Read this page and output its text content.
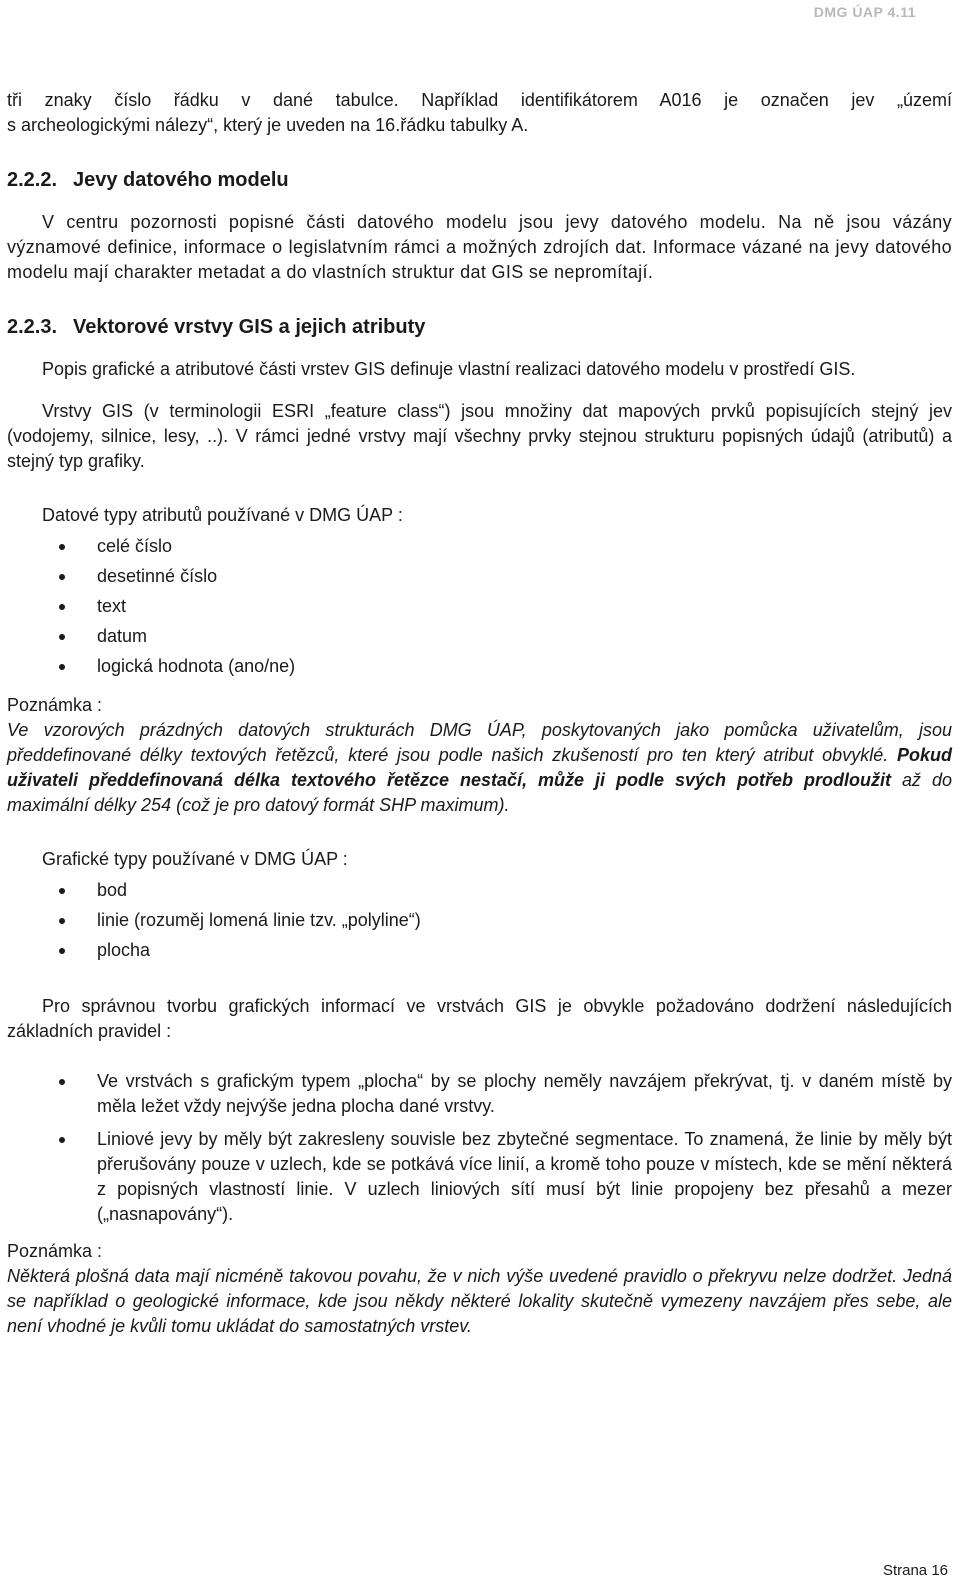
DMG ÚAP 4.11

tři znaky číslo řádku v dané tabulce. Například identifikátorem A016 je označen jev „území

s archeologickými nálezy“, který je uveden na 16.řádku tabulky A.

2.2.2. Jevy datového modelu

V centru pozornosti popisné části datového modelu jsou jevy datového modelu. Na ně jsou vázány významové definice, informace o legislatvním rámci a možných zdrojích dat. Informace vázané na jevy datového modelu mají charakter metadat a do vlastních struktur dat GIS se nepromítají.

2.2.3. Vektorové vrstvy GIS a jejich atributy

Popis grafické a atributové části vrstev GIS definuje vlastní realizaci datového modelu v prostředí GIS.

Vrstvy GIS (v terminologii ESRI „feature class“) jsou množiny dat mapových prvků popisujících stejný jev (vodojemy, silnice, lesy, ..). V rámci jedné vrstvy mají všechny prvky stejnou strukturu popisných údajů (atributů) a stejný typ grafiky.

Datové typy atributů používané v DMG ÚAP :

celé číslo
desetinné číslo
text
datum
logická hodnota (ano/ne)
Poznámka :

Ve vzorových prázdných datových strukturách DMG ÚAP, poskytovaných jako pomůcka uživatelům, jsou předdefinované délky textových řetězců, které jsou podle našich zkušeností pro ten který atribut obvyklé. Pokud uživateli předdefinovaná délka textového řetězce nestačí, může ji podle svých potřeb prodloužit až do maximální délky 254 (což je pro datový formát SHP maximum).

Grafické typy používané v DMG ÚAP :

bod
linie (rozuměj lomená linie tzv. „polyline“)
plocha

Pro správnou tvorbu grafických informací ve vrstvách GIS je obvykle požadováno dodržení následujících základních pravidel :

Ve vrstvách s grafickým typem „plocha“ by se plochy neměly navzájem překrývat, tj. v daném místě by měla ležet vždy nejvýše jedna plocha dané vrstvy.
Liniové jevy by měly být zakresleny souvisle bez zbytečné segmentace. To znamená, že linie by měly být přerušovány pouze v uzlech, kde se potkává více linií, a kromě toho pouze v místech, kde se mění některá z popisných vlastností linie. V uzlech liniových sítí musí být linie propojeny bez přesahů a mezer („nasnapovány“).
Poznámka :

Některá plošná data mají nicméně takovou povahu, že v nich výše uvedené pravidlo o překryvu nelze dodržet. Jedná se například o geologické informace, kde jsou někdy některé lokality skutečně vymezeny navzájem přes sebe, ale není vhodné je kvůli tomu ukládat do samostatných vrstev.

Strana 16
